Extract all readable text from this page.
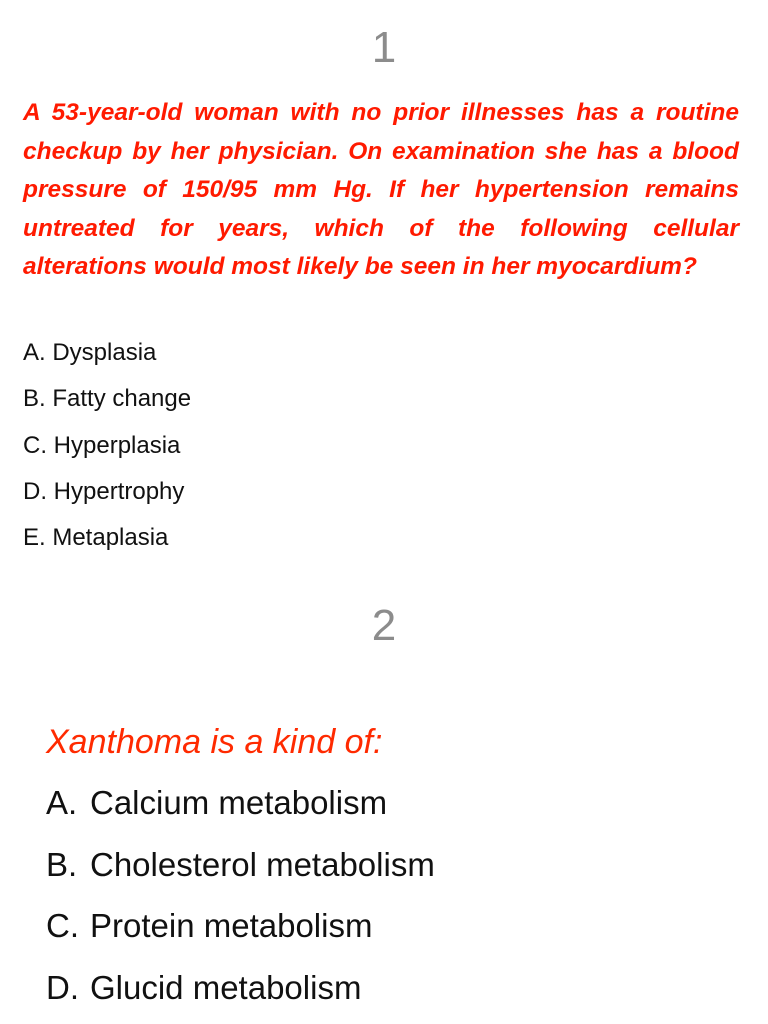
1

A 53-year-old woman with no prior illnesses has a routine checkup by her physician. On examination she has a blood pressure of 150/95 mm Hg. If her hypertension remains untreated for years, which of the following cellular alterations would most likely be seen in her myocardium?

A. Dysplasia
B. Fatty change
C. Hyperplasia
D. Hypertrophy
E. Metaplasia
2

Xanthoma is a kind of:

A. Calcium metabolism
B. Cholesterol metabolism
C. Protein metabolism
D. Glucid metabolism
